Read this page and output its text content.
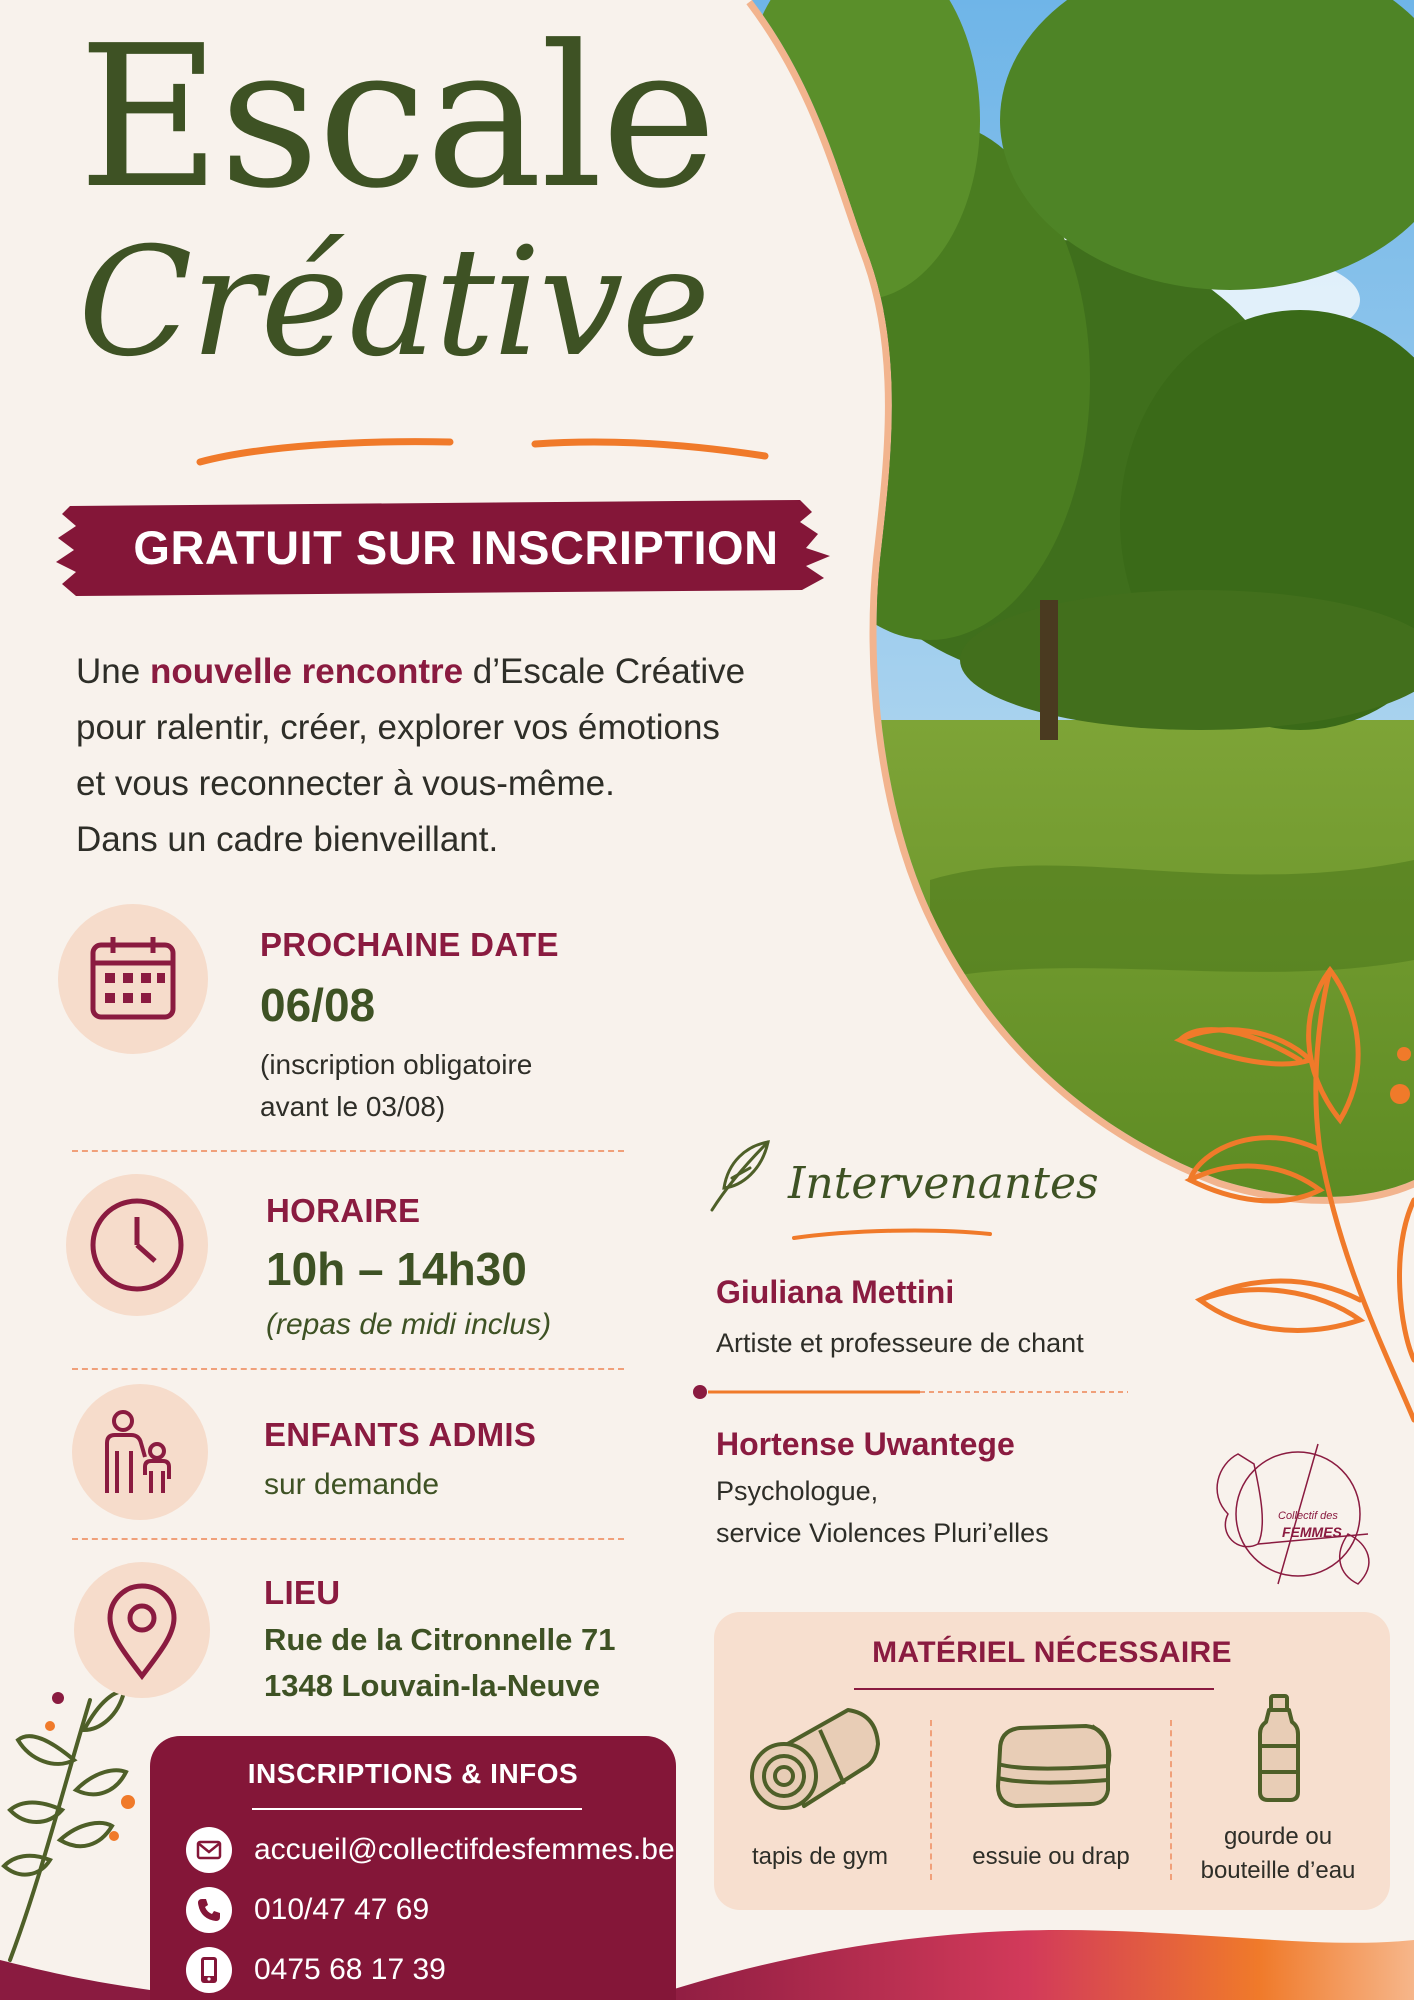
Escale
Créative
GRATUIT SUR INSCRIPTION
Une nouvelle rencontre d’Escale Créative
pour ralentir, créer, explorer vos émotions
et vous reconnecter à vous-même.
Dans un cadre bienveillant.
PROCHAINE DATE
06/08
(inscription obligatoire
avant le 03/08)
HORAIRE
10h – 14h30
(repas de midi inclus)
ENFANTS ADMIS
sur demande
LIEU
Rue de la Citronnelle 71
1348 Louvain-la-Neuve
INSCRIPTIONS & INFOS
accueil@collectifdesfemmes.be
010/47 47 69
0475 68 17 39
Intervenantes
Giuliana Mettini
Artiste et professeure de chant
Hortense Uwantege
Psychologue,
service Violences Pluri’elles
Collectif des
FEMMES
MATÉRIEL NÉCESSAIRE
tapis de gym	essuie ou drap
gourde ou
bouteille d’eau
